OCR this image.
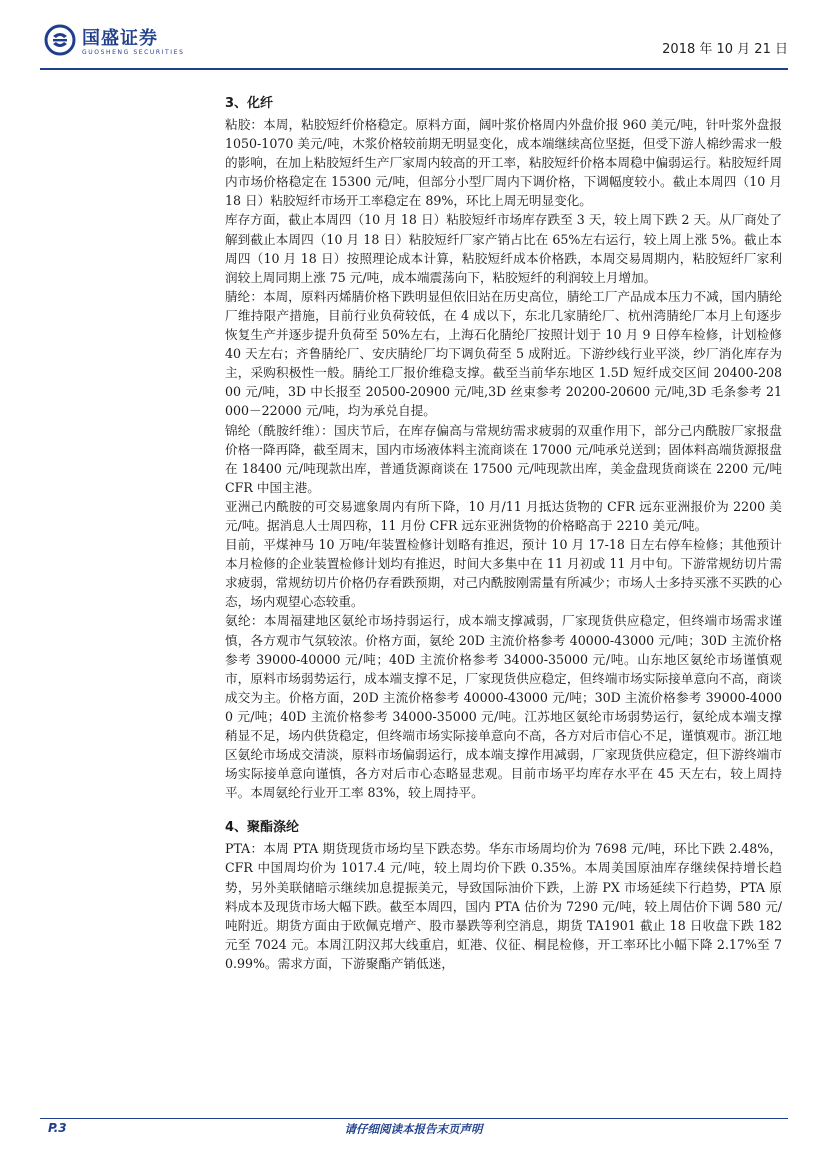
国盛证券
GUOSHENG SECURITIES	2018 年 10 月 21 日
3、化纤

粘胶：本周，粘胶短纤价格稳定。原料方面，阔叶浆价格周内外盘价报 960 美元/吨，针叶浆外盘报 1050-1070 美元/吨，木浆价格较前期无明显变化，成本端继续高位坚挺，但受下游人棉纱需求一般的影响，在加上粘胶短纤生产厂家周内较高的开工率，粘胶短纤价格本周稳中偏弱运行。粘胶短纤周内市场价格稳定在 15300 元/吨，但部分小型厂周内下调价格，下调幅度较小。截止本周四（10 月 18 日）粘胶短纤市场开工率稳定在 89%，环比上周无明显变化。

库存方面，截止本周四（10 月 18 日）粘胶短纤市场库存跌至 3 天，较上周下跌 2 天。从厂商处了解到截止本周四（10 月 18 日）粘胶短纤厂家产销占比在 65%左右运行，较上周上涨 5%。截止本周四（10 月 18 日）按照理论成本计算，粘胶短纤成本价格跌，本周交易周期内，粘胶短纤厂家利润较上周同期上涨 75 元/吨，成本端震荡向下，粘胶短纤的利润较上月增加。

腈纶：本周，原料丙烯腈价格下跌明显但依旧站在历史高位，腈纶工厂产品成本压力不减，国内腈纶厂维持限产措施，目前行业负荷较低，在 4 成以下，东北几家腈纶厂、杭州湾腈纶厂本月上旬逐步恢复生产并逐步提升负荷至 50%左右，上海石化腈纶厂按照计划于 10 月 9 日停车检修，计划检修 40 天左右；齐鲁腈纶厂、安庆腈纶厂均下调负荷至 5 成附近。下游纱线行业平淡，纱厂消化库存为主，采购积极性一般。腈纶工厂报价维稳支撑。截至当前华东地区 1.5D 短纤成交区间 20400-20800 元/吨，3D 中长报至 20500-20900 元/吨,3D 丝束参考 20200-20600 元/吨,3D 毛条参考 21000－22000 元/吨，均为承兑自提。

锦纶（酰胺纤维）：国庆节后，在库存偏高与常规纺需求疲弱的双重作用下，部分己内酰胺厂家报盘价格一降再降，截至周末，国内市场液体料主流商谈在 17000 元/吨承兑送到；固体料高端货源报盘在 18400 元/吨现款出库，普通货源商谈在 17500 元/吨现款出库，美金盘现货商谈在 2200 元/吨 CFR 中国主港。

亚洲己内酰胺的可交易遮象周内有所下降，10 月/11 月抵达货物的 CFR 远东亚洲报价为 2200 美元/吨。据消息人士周四称，11 月份 CFR 远东亚洲货物的价格略高于 2210 美元/吨。

目前，平煤神马 10 万吨/年装置检修计划略有推迟，预计 10 月 17-18 日左右停车检修；其他预计本月检修的企业装置检修计划均有推迟，时间大多集中在 11 月初或 11 月中旬。下游常规纺切片需求疲弱，常规纺切片价格仍存看跌预期，对己内酰胺刚需量有所减少；市场人士多持买涨不买跌的心态，场内观望心态较重。

氨纶：本周福建地区氨纶市场持弱运行，成本端支撑减弱，厂家现货供应稳定，但终端市场需求谨慎，各方观市气氛较浓。价格方面，氨纶 20D 主流价格参考 40000-43000 元/吨；30D 主流价格参考 39000-40000 元/吨；40D 主流价格参考 34000-35000 元/吨。山东地区氨纶市场谨慎观市，原料市场弱势运行，成本端支撑不足，厂家现货供应稳定，但终端市场实际接单意向不高，商谈成交为主。价格方面，20D 主流价格参考 40000-43000 元/吨；30D 主流价格参考 39000-40000 元/吨；40D 主流价格参考 34000-35000 元/吨。江苏地区氨纶市场弱势运行，氨纶成本端支撑稍显不足，场内供货稳定，但终端市场实际接单意向不高，各方对后市信心不足，谨慎观市。浙江地区氨纶市场成交清淡，原料市场偏弱运行，成本端支撑作用减弱，厂家现货供应稳定，但下游终端市场实际接单意向谨慎，各方对后市心态略显悲观。目前市场平均库存水平在 45 天左右，较上周持平。本周氨纶行业开工率 83%，较上周持平。

4、聚酯涤纶

PTA：本周 PTA 期货现货市场均呈下跌态势。华东市场周均价为 7698 元/吨，环比下跌 2.48%，CFR 中国周均价为 1017.4 元/吨，较上周均价下跌 0.35%。本周美国原油库存继续保持增长趋势，另外美联储暗示继续加息提振美元，导致国际油价下跌，上游 PX 市场延续下行趋势，PTA 原料成本及现货市场大幅下跌。截至本周四，国内 PTA 估价为 7290 元/吨，较上周估价下调 580 元/吨附近。期货方面由于欧佩克增产、股市暴跌等利空消息，期货 TA1901 截止 18 日收盘下跌 182 元至 7024 元。本周江阴汉邦大线重启，虹港、仪征、桐昆检修，开工率环比小幅下降 2.17%至 70.99%。需求方面，下游聚酯产销低迷，

P.3	请仔细阅读本报告末页声明
